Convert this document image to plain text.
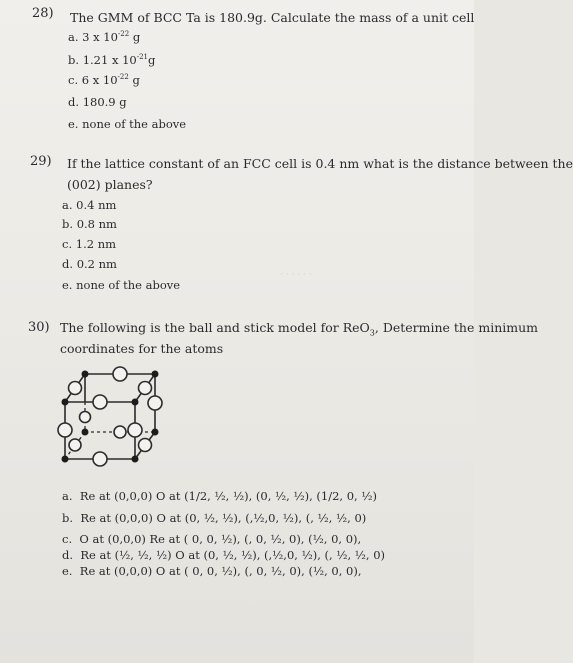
· · · · · ·
28) The GMM of BCC Ta is 180.9g. Calculate the mass of a unit cell
a. 3 x $10^{-22}$ g
b. 1.21 x $10^{-21}g$
c. 6 x $10^{-22}$ g
d. 180.9 g
e. none of the above
29) If the lattice constant of an FCC cell is 0.4 nm what is the distance between the
(002) planes?
a. 0.4 nm
b. 0.8 nm
c. 1.2 nm
d. 0.2 nm
e. none of the above
30) The following is the ball and stick model for ReO$_3$, Determine the minimum
coordinates for the atoms
a. Re at (0,0,0) O at (1/2, ½, ½), (0, ½, ½), (1/2, 0, ½)
b. Re at (0,0,0) O at (0, ½, ½), (,½,0, ½), (, ½, ½, 0)
c. O at (0,0,0) Re at ( 0, 0, ½), (, 0, ½, 0), (½, 0, 0),
d. Re at (½, ½, ½) O at (0, ½, ½), (,½,0, ½), (, ½, ½, 0)
e. Re at (0,0,0) O at ( 0, 0, ½), (, 0, ½, 0), (½, 0, 0),
